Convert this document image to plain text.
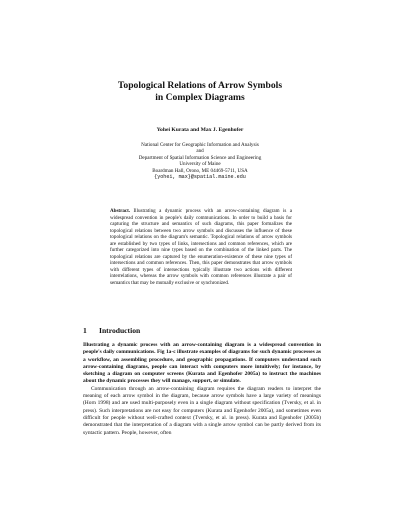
Topological Relations of Arrow Symbols
in Complex Diagrams
Yohei Kurata and Max J. Egenhofer
National Center for Geographic Information and Analysis
and
Department of Spatial Information Science and Engineering
University of Maine
Boardman Hall, Orono, ME 04469-5711, USA
{yohei, max}@spatial.maine.edu

Abstract. Illustrating a dynamic process with an arrow-containing diagram is a widespread convention in people's daily communications. In order to build a basis for capturing the structure and semantics of such diagrams, this paper formalizes the topological relations between two arrow symbols and discusses the influence of these topological relations on the diagram's semantic. Topological relations of arrow symbols are established by two types of links, intersections and common references, which are further categorized into nine types based on the combination of the linked parts. The topological relations are captured by the enumeration-existence of these nine types of intersections and common references. Then, this paper demonstrates that arrow symbols with different types of intersections typically illustrate two actions with different interrelations, whereas the arrow symbols with common references illustrate a pair of semantics that may be mutually exclusive or synchronized.

1 Introduction

Illustrating a dynamic process with an arrow-containing diagram is a widespread convention in people's daily communications. Fig 1a-c illustrate examples of diagrams for such dynamic processes as a workflow, an assembling procedure, and geographic propagations. If computers understand such arrow-containing diagrams, people can interact with computers more intuitively; for instance, by sketching a diagram on computer screens (Kurata and Egenhofer 2005a) to instruct the machines about the dynamic processes they will manage, support, or simulate.

Communication through an arrow-containing diagram requires the diagram readers to interpret the meaning of each arrow symbol in the diagram, because arrow symbols have a large variety of meanings (Horn 1998) and are used multi-purposely even in a single diagram without specification (Tversky, et al. in press). Such interpretations are not easy for computers (Kurata and Egenhofer 2005a), and sometimes even difficult for people without well-crafted context (Tversky, et al. in press). Kurata and Egenhofer (2005b) demonstrated that the interpretation of a diagram with a single arrow symbol can be partly derived from its syntactic pattern. People, however, often
